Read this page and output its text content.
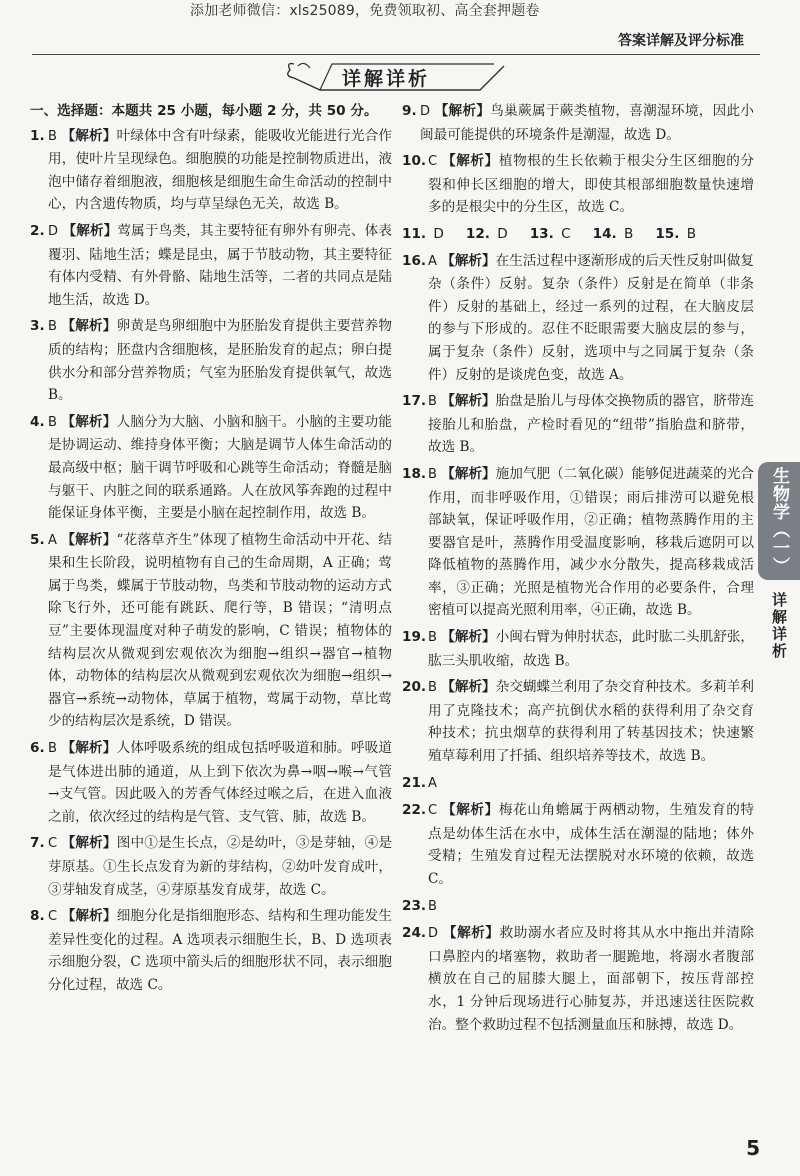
添加老师微信：xls25089，免费领取初、高全套押题卷
答案详解及评分标准
详解详析
一、选择题：本题共 25 小题，每小题 2 分，共 50 分。
1. B 【解析】叶绿体中含有叶绿素，能吸收光能进行光合作用，使叶片呈现绿色。细胞膜的功能是控制物质进出，液泡中储存着细胞液，细胞核是细胞生命生命活动的控制中心，内含遗传物质，均与草呈绿色无关，故选 B。
2. D 【解析】莺属于鸟类，其主要特征有卵外有卵壳、体表覆羽、陆地生活；蝶是昆虫，属于节肢动物，其主要特征有体内受精、有外骨骼、陆地生活等，二者的共同点是陆地生活，故选 D。
3. B 【解析】卵黄是鸟卵细胞中为胚胎发育提供主要营养物质的结构；胚盘内含细胞核，是胚胎发育的起点；卵白提供水分和部分营养物质；气室为胚胎发育提供氧气，故选 B。
4. B 【解析】人脑分为大脑、小脑和脑干。小脑的主要功能是协调运动、维持身体平衡；大脑是调节人体生命活动的最高级中枢；脑干调节呼吸和心跳等生命活动；脊髓是脑与躯干、内脏之间的联系通路。人在放风筝奔跑的过程中能保证身体平衡，主要是小脑在起控制作用，故选 B。
5. A 【解析】“花落草齐生”体现了植物生命活动中开花、结果和生长阶段，说明植物有自己的生命周期，A 正确；莺属于鸟类，蝶属于节肢动物，鸟类和节肢动物的运动方式除飞行外，还可能有跳跃、爬行等，B 错误；“清明点豆”主要体现温度对种子萌发的影响，C 错误；植物体的结构层次从微观到宏观依次为细胞→组织→器官→植物体，动物体的结构层次从微观到宏观依次为细胞→组织→器官→系统→动物体，草属于植物，莺属于动物，草比莺少的结构层次是系统，D 错误。
6. B 【解析】人体呼吸系统的组成包括呼吸道和肺。呼吸道是气体进出肺的通道，从上到下依次为鼻→咽→喉→气管→支气管。因此吸入的芳香气体经过喉之后，在进入血液之前，依次经过的结构是气管、支气管、肺，故选 B。
7. C 【解析】图中①是生长点，②是幼叶，③是芽轴，④是芽原基。①生长点发育为新的芽结构，②幼叶发育成叶，③芽轴发育成茎，④芽原基发育成芽，故选 C。
8. C 【解析】细胞分化是指细胞形态、结构和生理功能发生差异性变化的过程。A 选项表示细胞生长，B、D 选项表示细胞分裂，C 选项中箭头后的细胞形状不同，表示细胞分化过程，故选 C。
9. D 【解析】鸟巢蕨属于蕨类植物，喜潮湿环境，因此小闽最可能提供的环境条件是潮湿，故选 D。
10. C 【解析】植物根的生长依赖于根尖分生区细胞的分裂和伸长区细胞的增大，即使其根部细胞数量快速增多的是根尖中的分生区，故选 C。
11. D 12. D 13. C 14. B 15. B
16. A 【解析】在生活过程中逐渐形成的后天性反射叫做复杂（条件）反射。复杂（条件）反射是在简单（非条件）反射的基础上，经过一系列的过程，在大脑皮层的参与下形成的。忍住不眨眼需要大脑皮层的参与，属于复杂（条件）反射，选项中与之同属于复杂（条件）反射的是谈虎色变，故选 A。
17. B 【解析】胎盘是胎儿与母体交换物质的器官，脐带连接胎儿和胎盘，产检时看见的“纽带”指胎盘和脐带，故选 B。
18. B 【解析】施加气肥（二氧化碳）能够促进蔬菜的光合作用，而非呼吸作用，①错误；雨后排涝可以避免根部缺氧，保证呼吸作用，②正确；植物蒸腾作用的主要器官是叶，蒸腾作用受温度影响，移栽后遮阴可以降低植物的蒸腾作用，减少水分散失，提高移栽成活率，③正确；光照是植物光合作用的必要条件，合理密植可以提高光照利用率，④正确，故选 B。
19. B 【解析】小闽右臂为伸肘状态，此时肱二头肌舒张，肱三头肌收缩，故选 B。
20. B 【解析】杂交蝴蝶兰利用了杂交育种技术。多莉羊利用了克隆技术；高产抗倒伏水稻的获得利用了杂交育种技术；抗虫烟草的获得利用了转基因技术；快速繁殖草莓利用了扦插、组织培养等技术，故选 B。
21. A
22. C 【解析】梅花山角蟾属于两栖动物，生殖发育的特点是幼体生活在水中，成体生活在潮湿的陆地；体外受精；生殖发育过程无法摆脱对水环境的依赖，故选 C。
23. B
24. D 【解析】救助溺水者应及时将其从水中拖出并清除口鼻腔内的堵塞物，救助者一腿跪地，将溺水者腹部横放在自己的屈膝大腿上，面部朝下，按压背部控水，1 分钟后现场进行心肺复苏，并迅速送往医院救治。整个救助过程不包括测量血压和脉搏，故选 D。
生物学（一）
详解详析
5
